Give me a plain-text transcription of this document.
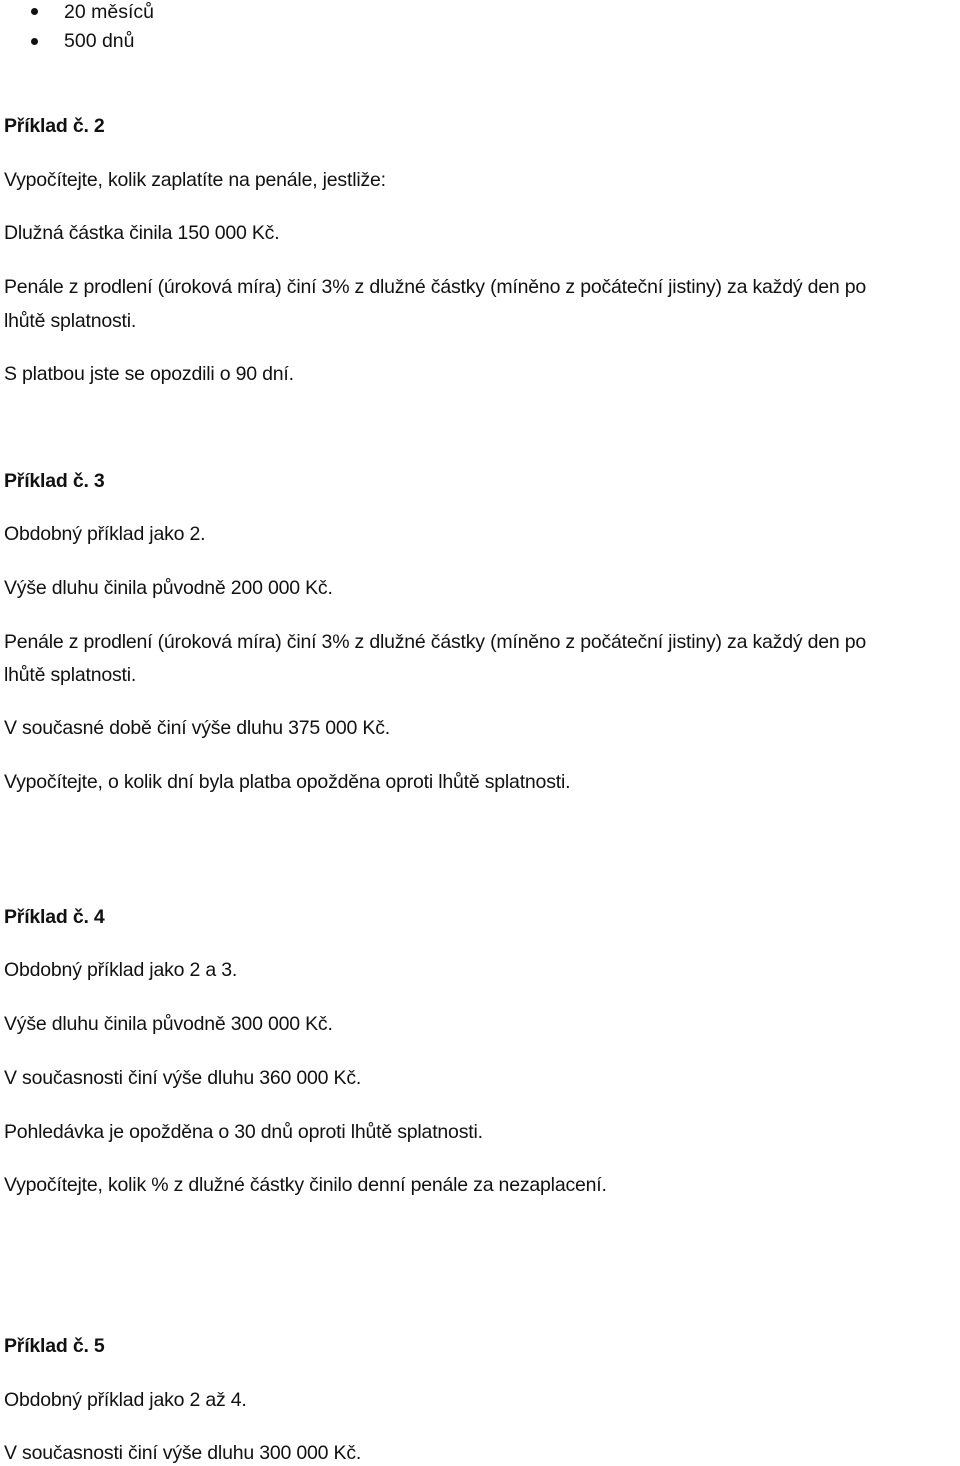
20 měsíců
500 dnů
Příklad č. 2
Vypočítejte, kolik zaplatíte na penále, jestliže:
Dlužná částka činila 150 000 Kč.
Penále z prodlení (úroková míra) činí 3% z dlužné částky (míněno z počáteční jistiny) za každý den po
lhůtě splatnosti.
S platbou jste se opozdili o 90 dní.
Příklad č. 3
Obdobný příklad jako 2.
Výše dluhu činila původně 200 000 Kč.
Penále z prodlení (úroková míra) činí 3% z dlužné částky (míněno z počáteční jistiny) za každý den po
lhůtě splatnosti.
V současné době činí výše dluhu 375 000 Kč.
Vypočítejte, o kolik dní byla platba opožděna oproti lhůtě splatnosti.
Příklad č. 4
Obdobný příklad jako 2 a 3.
Výše dluhu činila původně 300 000 Kč.
V současnosti činí výše dluhu 360 000 Kč.
Pohledávka je opožděna o 30 dnů oproti lhůtě splatnosti.
Vypočítejte, kolik % z dlužné částky činilo denní penále za nezaplacení.
Příklad č. 5
Obdobný příklad jako 2 až 4.
V současnosti činí výše dluhu 300 000 Kč.
